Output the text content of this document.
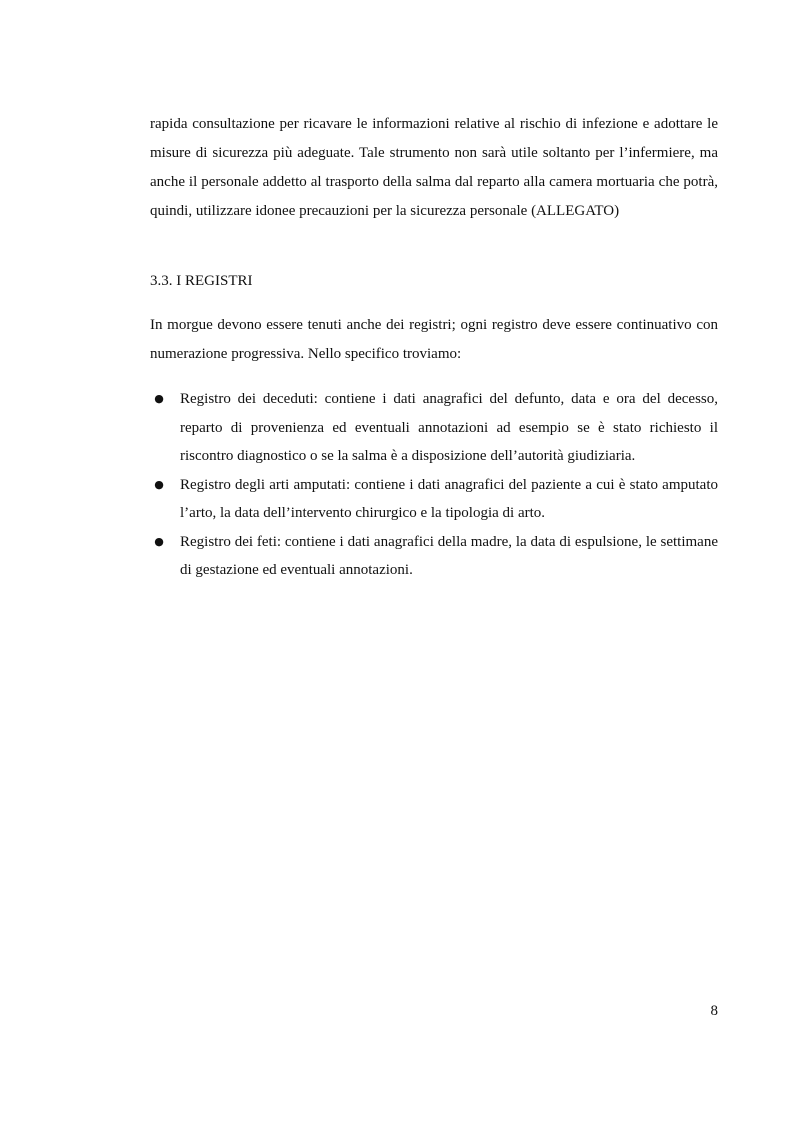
rapida consultazione per ricavare le informazioni relative al rischio di infezione e adottare le misure di sicurezza più adeguate. Tale strumento non sarà utile soltanto per l’infermiere, ma anche il personale addetto al trasporto della salma dal reparto alla camera mortuaria che potrà, quindi, utilizzare idonee precauzioni per la sicurezza personale (ALLEGATO)

3.3. I REGISTRI

In morgue devono essere tenuti anche dei registri; ogni registro deve essere continuativo con numerazione progressiva. Nello specifico troviamo:

● Registro dei deceduti: contiene i dati anagrafici del defunto, data e ora del decesso, reparto di provenienza ed eventuali annotazioni ad esempio se è stato richiesto il riscontro diagnostico o se la salma è a disposizione dell’autorità giudiziaria.
● Registro degli arti amputati: contiene i dati anagrafici del paziente a cui è stato amputato l’arto, la data dell’intervento chirurgico e la tipologia di arto.
● Registro dei feti: contiene i dati anagrafici della madre, la data di espulsione, le settimane di gestazione ed eventuali annotazioni.
8
